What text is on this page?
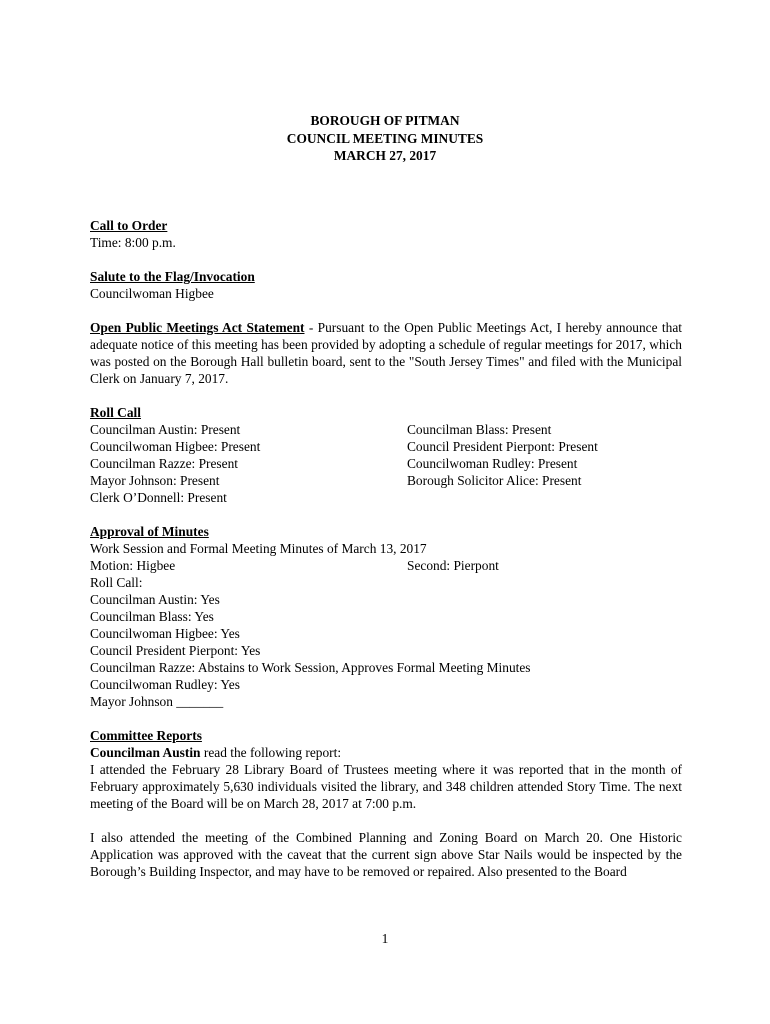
BOROUGH OF PITMAN
COUNCIL MEETING MINUTES
MARCH 27, 2017
Call to Order
Time: 8:00 p.m.
Salute to the Flag/Invocation
Councilwoman Higbee
Open Public Meetings Act Statement - Pursuant to the Open Public Meetings Act, I hereby announce that adequate notice of this meeting has been provided by adopting a schedule of regular meetings for 2017, which was posted on the Borough Hall bulletin board, sent to the "South Jersey Times" and filed with the Municipal Clerk on January 7, 2017.
Roll Call
Councilman Austin: Present
Councilwoman Higbee: Present
Councilman Razze: Present
Mayor Johnson: Present
Clerk O’Donnell: Present
Councilman Blass: Present
Council President Pierpont: Present
Councilwoman Rudley: Present
Borough Solicitor Alice: Present
Approval of Minutes
Work Session and Formal Meeting Minutes of March 13, 2017
Motion: Higbee	Second: Pierpont
Roll Call:
Councilman Austin: Yes
Councilman Blass: Yes
Councilwoman Higbee: Yes
Council President Pierpont: Yes
Councilman Razze: Abstains to Work Session, Approves Formal Meeting Minutes
Councilwoman Rudley: Yes
Mayor Johnson _______
Committee Reports
Councilman Austin read the following report:
I attended the February 28 Library Board of Trustees meeting where it was reported that in the month of February approximately 5,630 individuals visited the library, and 348 children attended Story Time. The next meeting of the Board will be on March 28, 2017 at 7:00 p.m.
I also attended the meeting of the Combined Planning and Zoning Board on March 20. One Historic Application was approved with the caveat that the current sign above Star Nails would be inspected by the Borough’s Building Inspector, and may have to be removed or repaired. Also presented to the Board
1
